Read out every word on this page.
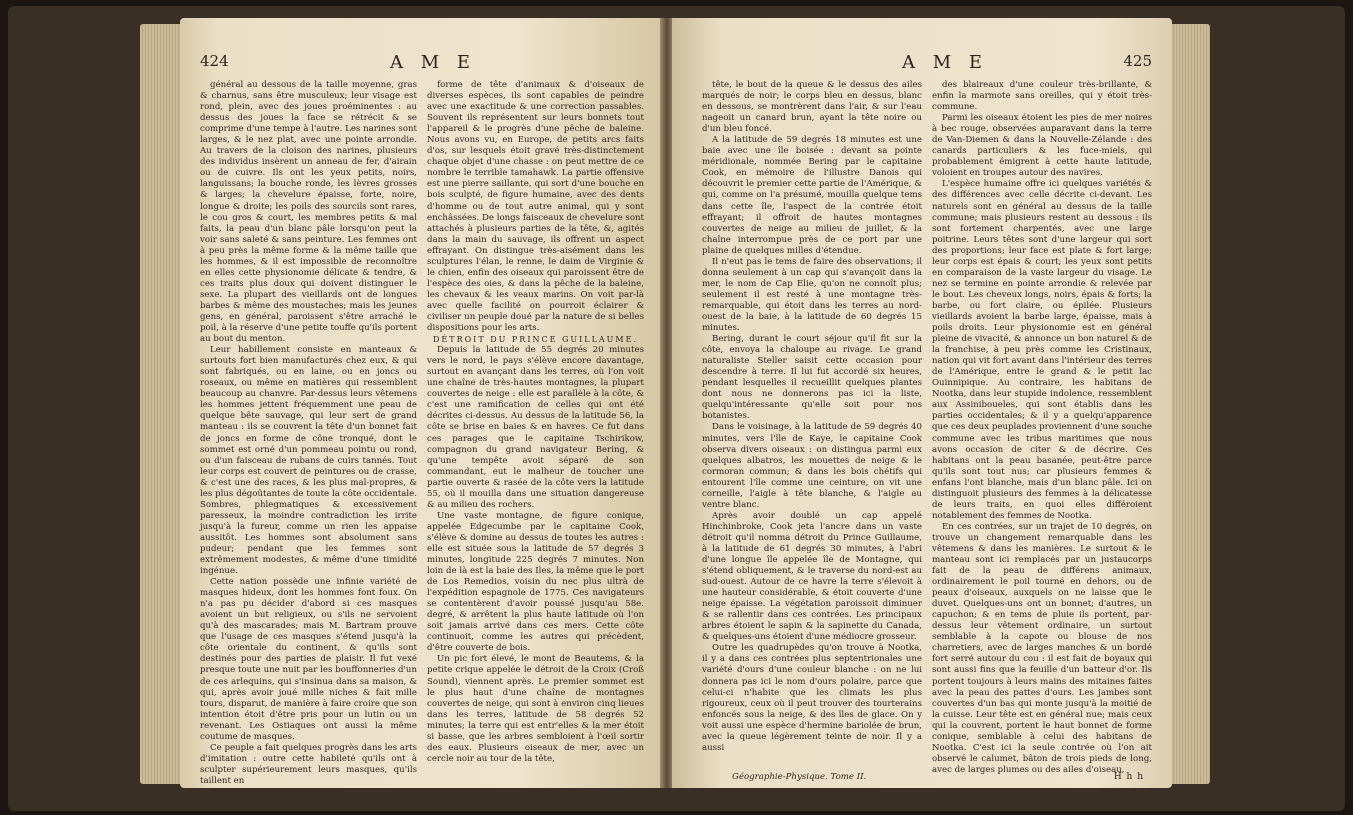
424	A M E

général au dessous de la taille moyenne, gras & charnus, sans être musculeux; leur visage est rond, plein, avec des joues proéminentes : au dessus des joues la face se rétrécit & se comprime d'une tempe à l'autre. Les narines sont larges, & le nez plat, avec une pointe arrondie. Au travers de la cloison des narines, plusieurs des individus insèrent un anneau de fer, d'airain ou de cuivre. Ils ont les yeux petits, noirs, languissans; la bouche ronde, les lèvres grosses & larges; la chevelure épaisse, forte, noire, longue & droite; les poils des sourcils sont rares, le cou gros & court, les membres petits & mal faits, la peau d'un blanc pâle lorsqu'on peut la voir sans saleté & sans peinture. Les femmes ont à peu près la même forme & la même taille que les hommes, & il est impossible de reconnoître en elles cette physionomie délicate & tendre, & ces traits plus doux qui doivent distinguer le sexe. La plupart des vieillards ont de longues barbes & même des moustaches; mais les jeunes gens, en général, paroissent s'être arraché le poil, à la réserve d'une petite touffe qu'ils portent au bout du menton.

Leur habillement consiste en manteaux & surtouts fort bien manufacturés chez eux, & qui sont fabriqués, ou en laine, ou en joncs ou roseaux, ou même en matières qui ressemblent beaucoup au chanvre. Par-dessus leurs vêtemens les hommes jettent fréquemment une peau de quelque bête sauvage, qui leur sert de grand manteau : ils se couvrent la tête d'un bonnet fait de joncs en forme de cône tronqué, dont le sommet est orné d'un pommeau pointu ou rond, ou d'un faisceau de rubans de cuirs tannés. Tout leur corps est couvert de peintures ou de crasse, & c'est une des races, & les plus mal-propres, & les plus dégoûtantes de toute la côte occidentale. Sombres, phlegmatiques & excessivement paresseux, la moindre contradiction les irrite jusqu'à la fureur, comme un rien les appaise aussitôt. Les hommes sont absolument sans pudeur; pendant que les femmes sont extrêmement modestes, & même d'une timidité ingénue.

Cette nation possède une infinie variété de masques hideux, dont les hommes font foux. On n'a pas pu décider d'abord si ces masques avoient un but religieux, ou s'ils ne servoient qu'à des mascarades; mais M. Bartram prouve que l'usage de ces masques s'étend jusqu'à la côte orientale du continent, & qu'ils sont destinés pour des parties de plaisir. Il fut vexé presque toute une nuit par les bouffonneries d'un de ces arlequins, qui s'insinua dans sa maison, & qui, après avoir joué mille niches & fait mille tours, disparut, de manière à faire croire que son intention étoit d'être pris pour un lutin ou un revenant. Les Ostiaques ont aussi la même coutume de masques.

Ce peuple a fait quelques progrès dans les arts d'imitation : outre cette habileté qu'ils ont à sculpter supérieurement leurs masques, qu'ils taillent en

forme de tête d'animaux & d'oiseaux de diverses espèces, ils sont capables de peindre avec une exactitude & une correction passables. Souvent ils représentent sur leurs bonnets tout l'appareil & le progrès d'une pêche de baleine. Nous avons vu, en Europe, de petits arcs faits d'os, sur lesquels étoit gravé très-distinctement chaque objet d'une chasse : on peut mettre de ce nombre le terrible tamahawk. La partie offensive est une pierre saillante, qui sort d'une bouche en bois sculpté, de figure humaine, avec des dents d'homme ou de tout autre animal, qui y sont enchâssées. De longs faisceaux de chevelure sont attachés à plusieurs parties de la tête, &, agités dans la main du sauvage, ils offrent un aspect effrayant. On distingue très-aisément dans les sculptures l'élan, le renne, le daim de Virginie & le chien, enfin des oiseaux qui paroissent être de l'espèce des oies, & dans la pêche de la baleine, les chevaux & les veaux marins. On voit par-là avec quelle facilité on pourroit éclairer & civiliser un peuple doué par la nature de si belles dispositions pour les arts.

DÉTROIT DU PRINCE GUILLAUME.

Depuis la latitude de 55 degrés 20 minutes vers le nord, le pays s'élève encore davantage, surtout en avançant dans les terres, où l'on voit une chaîne de très-hautes montagnes, la plupart couvertes de neige : elle est parallèle à la côte, & c'est une ramification de celles qui ont été décrites ci-dessus. Au dessus de la latitude 56, la côte se brise en baies & en havres. Ce fut dans ces parages que le capitaine Tschirikow, compagnon du grand navigateur Bering, & qu'une tempête avoit séparé de son commandant, eut le malheur de toucher une partie ouverte & rasée de la côte vers la latitude 55, où il mouilla dans une situation dangereuse & au milieu des rochers.

Une vaste montagne, de figure conique, appelée Edgecumbe par le capitaine Cook, s'élève & domine au dessus de toutes les autres : elle est située sous la latitude de 57 degrés 3 minutes, longitude 225 degrés 7 minutes. Non loin de là est la baie des Iles, la même que le port de Los Remedios, voisin du nec plus ultrà de l'expédition espagnole de 1775. Ces navigateurs se contentèrent d'avoir poussé jusqu'au 58e. degré, & arrêtent la plus haute latitude où l'on soit jamais arrivé dans ces mers. Cette côte continuoit, comme les autres qui précèdent, d'être couverte de bois.

Un pic fort élevé, le mont de Beautems, & la petite crique appelée le détroit de la Croix (Croß Sound), viennent après. Le premier sommet est le plus haut d'une chaîne de montagnes couvertes de neige, qui sont à environ cinq lieues dans les terres, latitude de 58 degrés 52 minutes; la terre qui est entr'elles & la mer étoit si basse, que les arbres sembloient à l'œil sortir des eaux. Plusieurs oiseaux de mer, avec un cercle noir au tour de la tête,

A M E	425

tête, le bout de la queue & le dessus des ailes marqués de noir; le corps bleu en dessus, blanc en dessous, se montrèrent dans l'air, & sur l'eau nageoit un canard brun, ayant la tête noire ou d'un bleu foncé.

A la latitude de 59 degrés 18 minutes est une baie avec une île boisée : devant sa pointe méridionale, nommée Bering par le capitaine Cook, en mémoire de l'illustre Danois qui découvrit le premier cette partie de l'Amérique, & qui, comme on l'a présumé, mouilla quelque tems dans cette île, l'aspect de la contrée étoit effrayant; il offroit de hautes montagnes couvertes de neige au milieu de juillet, & la chaîne interrompue près de ce port par une plaine de quelques milles d'étendue.

Il n'eut pas le tems de faire des observations; il donna seulement à un cap qui s'avançoit dans la mer, le nom de Cap Elie, qu'on ne connoît plus; seulement il est resté à une montagne très-remarquable, qui étoit dans les terres au nord-ouest de la baie, à la latitude de 60 degrés 15 minutes.

Bering, durant le court séjour qu'il fit sur la côte, envoya la chaloupe au rivage. Le grand naturaliste Steller saisit cette occasion pour descendre à terre. Il lui fut accordé six heures, pendant lesquelles il recueillit quelques plantes dont nous ne donnerons pas ici la liste, quelqu'intéressante qu'elle soit pour nos botanistes.

Dans le voisinage, à la latitude de 59 degrés 40 minutes, vers l'île de Kaye, le capitaine Cook observa divers oiseaux : on distingua parmi eux quelques albatros, les mouettes de neige & le cormoran commun; & dans les bois chétifs qui entourent l'île comme une ceinture, on vit une corneille, l'aigle à tête blanche, & l'aigle au ventre blanc.

Après avoir doublé un cap appelé Hinchinbroke, Cook jeta l'ancre dans un vaste détroit qu'il nomma détroit du Prince Guillaume, à la latitude de 61 degrés 30 minutes, à l'abri d'une longue île appelée île de Montagne, qui s'étend obliquement, & le traverse du nord-est au sud-ouest. Autour de ce havre la terre s'élevoit à une hauteur considérable, & étoit couverte d'une neige épaisse. La végétation paroissoit diminuer & se rallentir dans ces contrées. Les principaux arbres étoient le sapin & la sapinette du Canada, & quelques-uns étoient d'une médiocre grosseur.

Outre les quadrupèdes qu'on trouve à Nootka, il y a dans ces contrées plus septentrionales une variété d'ours d'une couleur blanche : on ne lui donnera pas ici le nom d'ours polaire, parce que celui-ci n'habite que les climats les plus rigoureux, ceux où il peut trouver des tourterains enfoncés sous la neige, & des îles de glace. On y voit aussi une espèce d'hermine bariolée de brun, avec la queue légèrement teinte de noir. Il y a aussi

des blaireaux d'une couleur très-brillante, & enfin la marmote sans oreilles, qui y étoit très-commune.

Parmi les oiseaux étoient les pies de mer noires à bec rouge, observées auparavant dans la terre de Van-Diemen & dans la Nouvelle-Zélande : des canards particuliers & les fuce-miels, qui probablement émigrent à cette haute latitude, voloient en troupes autour des navires.

L'espèce humaine offre ici quelques variétés & des différences avec celle décrite ci-devant. Les naturels sont en général au dessus de la taille commune; mais plusieurs restent au dessous : ils sont fortement charpentés, avec une large poitrine. Leurs têtes sont d'une largeur qui sort des proportions; leur face est plate & fort large; leur corps est épais & court; les yeux sont petits en comparaison de la vaste largeur du visage. Le nez se termine en pointe arrondie & relevée par le bout. Les cheveux longs, noirs, épais & forts; la barbe, ou fort claire, ou épilée. Plusieurs vieillards avoient la barbe large, épaisse, mais à poils droits. Leur physionomie est en général pleine de vivacité, & annonce un bon naturel & de la franchise, à peu près comme les Cristinaux, nation qui vit fort avant dans l'intérieur des terres de l'Amérique, entre le grand & le petit lac Ouinnipique. Au contraire, les habitans de Nootka, dans leur stupide indolence, ressemblent aux Assiniboueles, qui sont établis dans les parties occidentales; & il y a quelqu'apparence que ces deux peuplades proviennent d'une souche commune avec les tribus maritimes que nous avons occasion de citer & de décrire. Ces habitans ont la peau basanée, peut-être parce qu'ils sont tout nus; car plusieurs femmes & enfans l'ont blanche, mais d'un blanc pâle. Ici on distinguoit plusieurs des femmes à la délicatesse de leurs traits, en quoi elles différoient notablement des femmes de Nootka.

En ces contrées, sur un trajet de 10 degrés, on trouve un changement remarquable dans les vêtemens & dans les manières. Le surtout & le manteau sont ici remplacés par un justaucorps fait de la peau de différens animaux, ordinairement le poil tourné en dehors, ou de peaux d'oiseaux, auxquels on ne laisse que le duvet. Quelques-uns ont un bonnet; d'autres, un capuchon; & en tems de pluie ils portent, par-dessus leur vêtement ordinaire, un surtout semblable à la capote ou blouse de nos charretiers, avec de larges manches & un bordé fort serré autour du cou : il est fait de boyaux qui sont aussi fins que la feuille d'un batteur d'or. Ils portent toujours à leurs mains des mitaines faites avec la peau des pattes d'ours. Les jambes sont couvertes d'un bas qui monte jusqu'à la moitié de la cuisse. Leur tête est en général nue; mais ceux qui la couvrent, portent le haut bonnet de forme conique, semblable à celui des habitans de Nootka. C'est ici la seule contrée où l'on ait observé le calumet, bâton de trois pieds de long, avec de larges plumes ou des ailes d'oiseau,

Géographie-Physique. Tome II.	H h h
